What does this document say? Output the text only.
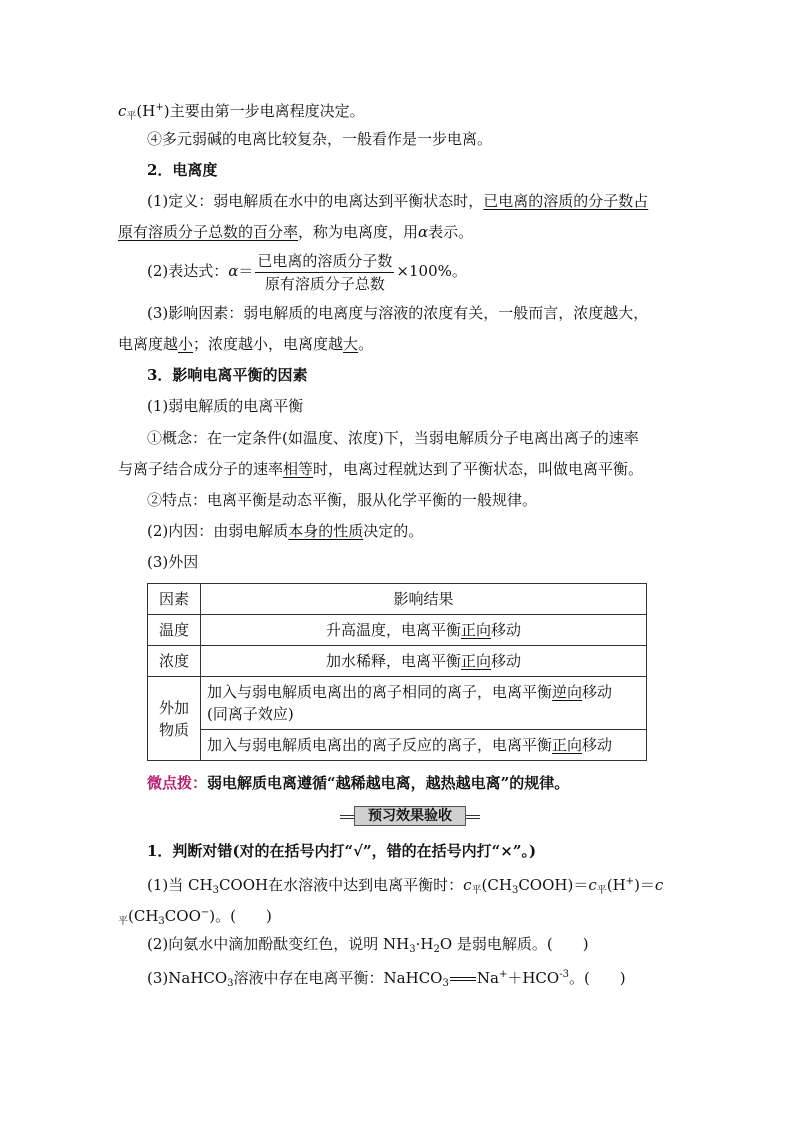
$c_平(H^+)$主要由第一步电离程度决定。
④多元弱碱的电离比较复杂，一般看作是一步电离。
2．电离度
(1)定义：弱电解质在水中的电离达到平衡状态时，已电离的溶质的分子数占
原有溶质分子总数的百分率，称为电离度，用α表示。
(2)表达式：$\alpha= \frac{\text{已电离的溶质分子数}}{\text{原有溶质分子总数}} \times 100\%$。
(3)影响因素：弱电解质的电离度与溶液的浓度有关，一般而言，浓度越大，
电离度越小；浓度越小，电离度越大。
3．影响电离平衡的因素
(1)弱电解质的电离平衡
①概念：在一定条件(如温度、浓度)下，当弱电解质分子电离出离子的速率
与离子结合成分子的速率相等时，电离过程就达到了平衡状态，叫做电离平衡。
②特点：电离平衡是动态平衡，服从化学平衡的一般规律。
(2)内因：由弱电解质本身的性质决定的。
(3)外因
因素	影响结果
温度	升高温度，电离平衡正向移动
浓度	加水稀释，电离平衡正向移动
外加
物质	加入与弱电解质电离出的离子相同的离子，电离平衡逆向移动
(同离子效应)
	加入与弱电解质电离出的离子反应的离子，电离平衡正向移动
微点拨：弱电解质电离遵循“越稀越电离，越热越电离”的规律。
预习效果验收
1．判断对错(对的在括号内打“√”，错的在括号内打“×”。)
(1)当 $CH_3COOH$在水溶液中达到电离平衡时：$c_平(CH_3COOH)=c_平(H^+)=c$
$_平(CH_3COO^-)$。(　　)
(2)向氨水中滴加酚酞变红色，说明 $NH_3\cdot H_2O$ 是弱电解质。(　　)
(3)NaHCO$_3$溶液中存在电离平衡：NaHCO$_3$ $Na^++HCO^{-3}$。(　　)
